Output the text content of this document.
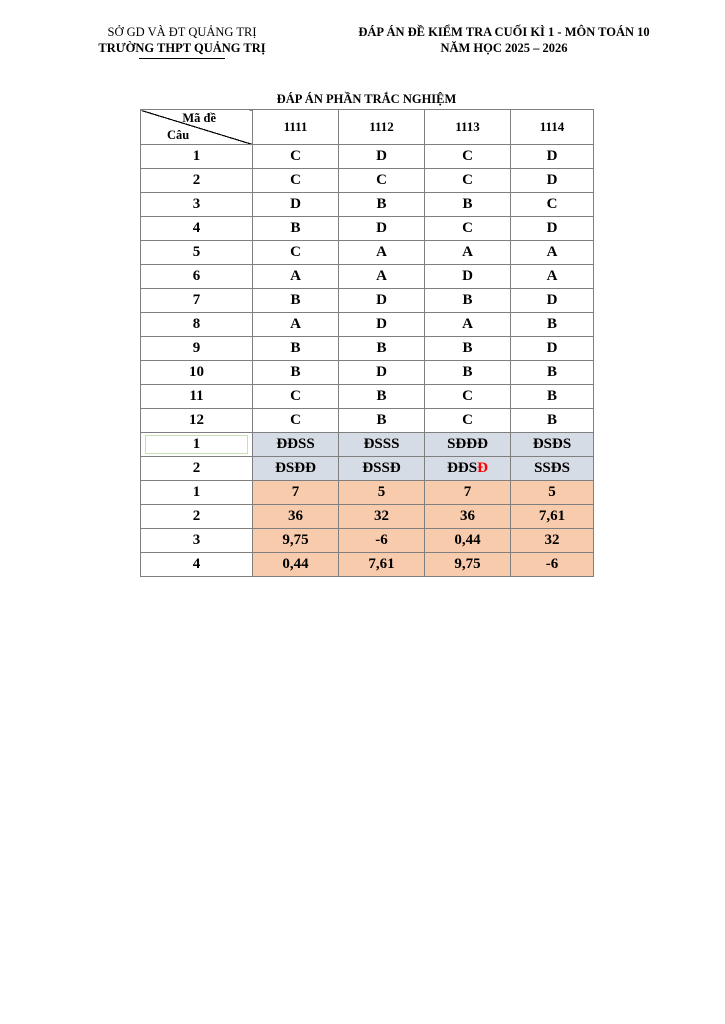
SỞ GD VÀ ĐT QUẢNG TRỊ
TRƯỜNG THPT QUẢNG TRỊ
ĐÁP ÁN ĐỀ KIỂM TRA CUỐI KÌ 1 - MÔN TOÁN 10
NĂM HỌC 2025 – 2026
ĐÁP ÁN PHẦN TRẮC NGHIỆM
Mã đề
Câu	1111	1112	1113	1114
1	C	D	C	D
2	C	C	C	D
3	D	B	B	C
4	B	D	C	D
5	C	A	A	A
6	A	A	D	A
7	B	D	B	D
8	A	D	A	B
9	B	B	B	D
10	B	D	B	B
11	C	B	C	B
12	C	B	C	B
1	ĐĐSS	ĐSSS	SĐĐĐ	ĐSĐS
2	ĐSĐĐ	ĐSSĐ	ĐĐSĐ	SSĐS
1	7	5	7	5
2	36	32	36	7,61
3	9,75	-6	0,44	32
4	0,44	7,61	9,75	-6
